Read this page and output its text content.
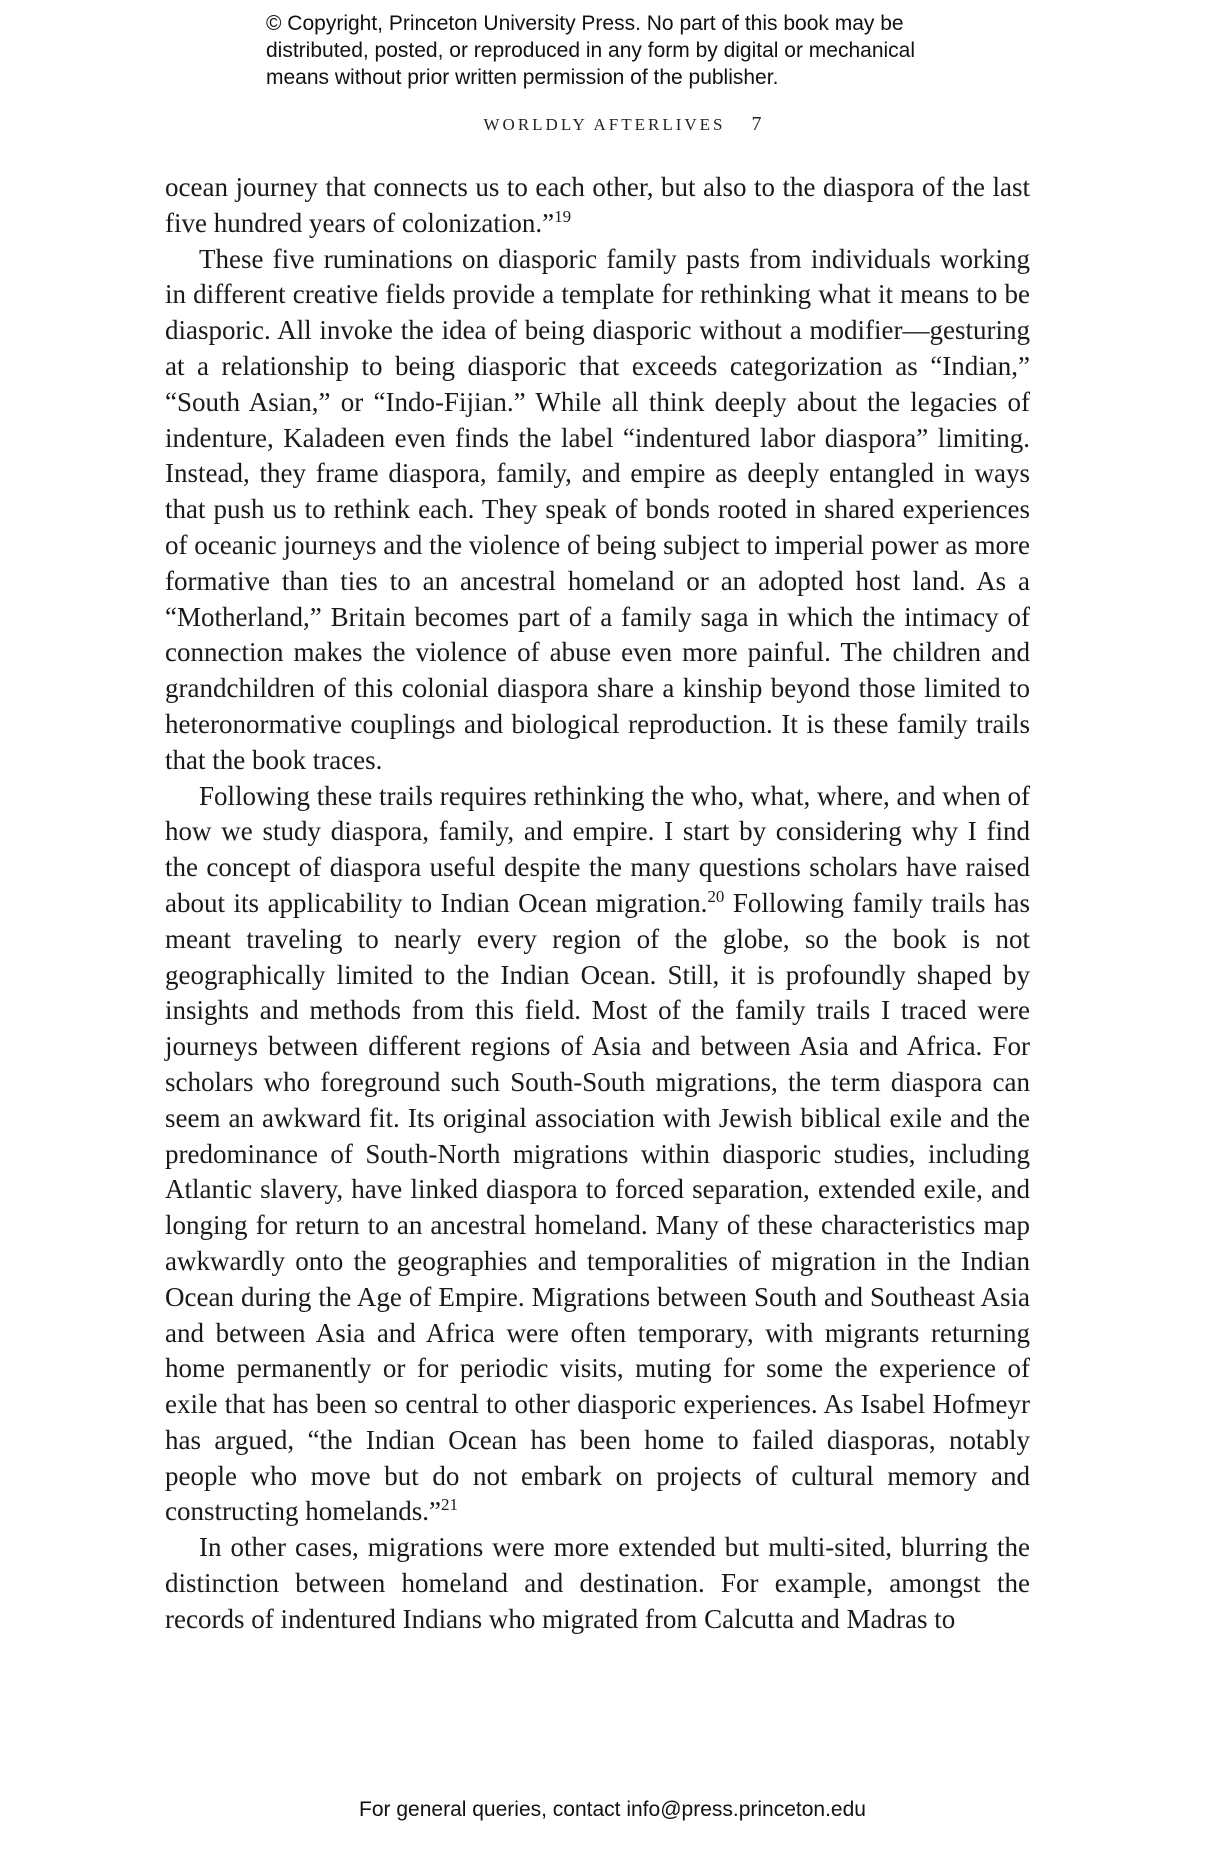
© Copyright, Princeton University Press. No part of this book may be
distributed, posted, or reproduced in any form by digital or mechanical
means without prior written permission of the publisher.
WORLDLY AFTERLIVES 7

ocean journey that connects us to each other, but also to the diaspora of the last five hundred years of colonization.”$^{19}$

These five ruminations on diasporic family pasts from individuals working in different creative fields provide a template for rethinking what it means to be diasporic. All invoke the idea of being diasporic without a modifier—gesturing at a relationship to being diasporic that exceeds categorization as “Indian,” “South Asian,” or “Indo-Fijian.” While all think deeply about the legacies of indenture, Kaladeen even finds the label “indentured labor diaspora” limiting. Instead, they frame diaspora, family, and empire as deeply entangled in ways that push us to rethink each. They speak of bonds rooted in shared experiences of oceanic journeys and the violence of being subject to imperial power as more formative than ties to an ancestral homeland or an adopted host land. As a “Motherland,” Britain becomes part of a family saga in which the intimacy of connection makes the violence of abuse even more painful. The children and grandchildren of this colonial diaspora share a kinship beyond those limited to heteronormative couplings and biological reproduction. It is these family trails that the book traces.

Following these trails requires rethinking the who, what, where, and when of how we study diaspora, family, and empire. I start by considering why I find the concept of diaspora useful despite the many questions scholars have raised about its applicability to Indian Ocean migration.$^{20}$ Following family trails has meant traveling to nearly every region of the globe, so the book is not geographically limited to the Indian Ocean. Still, it is profoundly shaped by insights and methods from this field. Most of the family trails I traced were journeys between different regions of Asia and between Asia and Africa. For scholars who foreground such South-South migrations, the term diaspora can seem an awkward fit. Its original association with Jewish biblical exile and the predominance of South-North migrations within diasporic studies, including Atlantic slavery, have linked diaspora to forced separation, extended exile, and longing for return to an ancestral homeland. Many of these characteristics map awkwardly onto the geographies and temporalities of migration in the Indian Ocean during the Age of Empire. Migrations between South and Southeast Asia and between Asia and Africa were often temporary, with migrants returning home permanently or for periodic visits, muting for some the experience of exile that has been so central to other diasporic experiences. As Isabel Hofmeyr has argued, “the Indian Ocean has been home to failed diasporas, notably people who move but do not embark on projects of cultural memory and constructing homelands.”$^{21}$

In other cases, migrations were more extended but multi-sited, blurring the distinction between homeland and destination. For example, amongst the records of indentured Indians who migrated from Calcutta and Madras to

For general queries, contact info@press.princeton.edu
